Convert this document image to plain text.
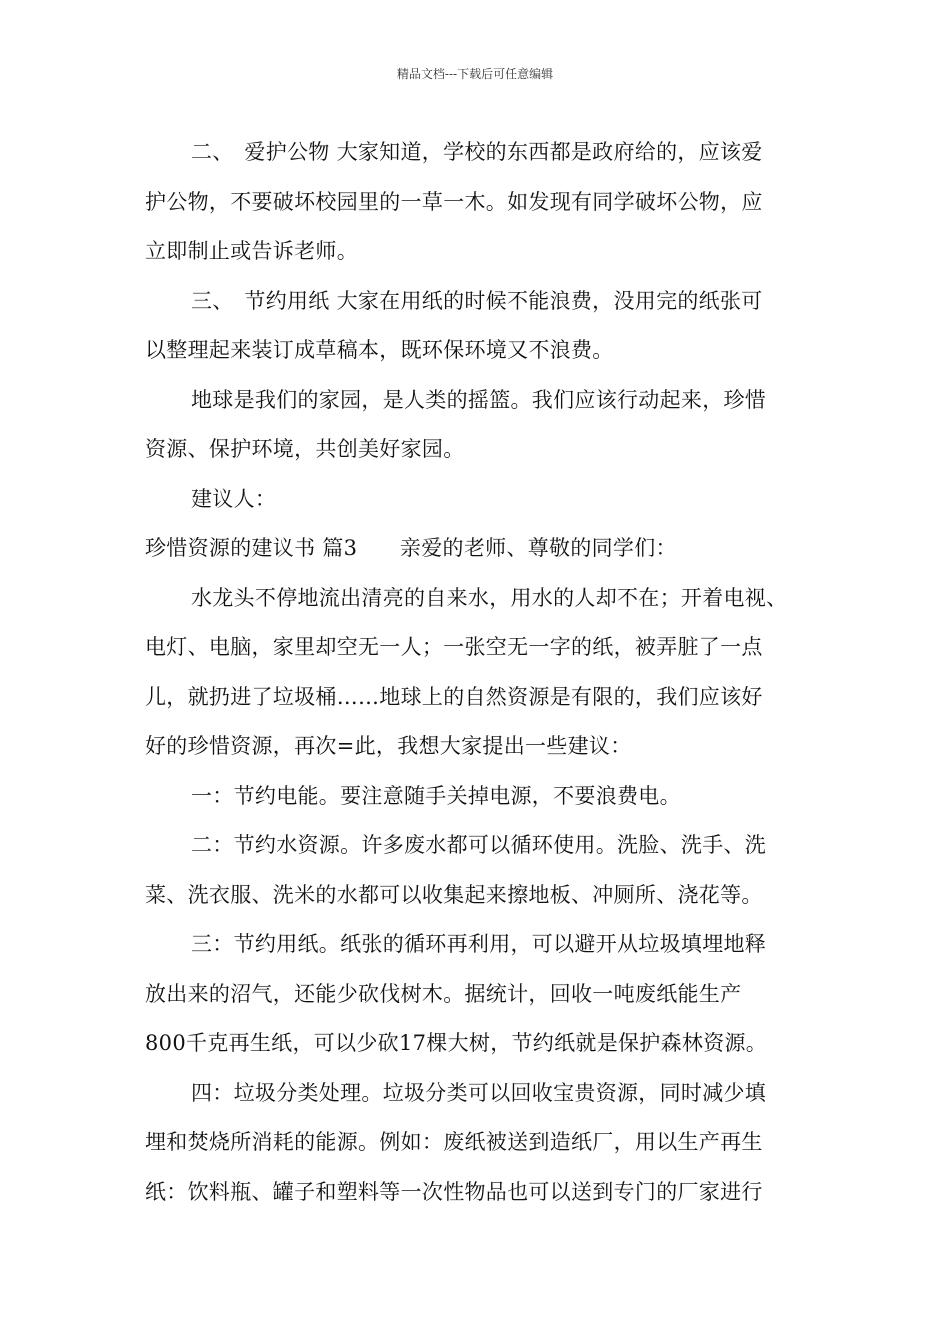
精品文档---下载后可任意编辑
二、　爱护公物 大家知道，学校的东西都是政府给的，应该爱
护公物，不要破坏校园里的一草一木。如发现有同学破坏公物，应
立即制止或告诉老师。
三、　节约用纸 大家在用纸的时候不能浪费，没用完的纸张可
以整理起来装订成草稿本，既环保环境又不浪费。
地球是我们的家园，是人类的摇篮。我们应该行动起来，珍惜
资源、保护环境，共创美好家园。
建议人：
珍惜资源的建议书 篇3　　亲爱的老师、尊敬的同学们：
水龙头不停地流出清亮的自来水，用水的人却不在；开着电视、
电灯、电脑，家里却空无一人；一张空无一字的纸，被弄脏了一点
儿，就扔进了垃圾桶……地球上的自然资源是有限的，我们应该好
好的珍惜资源，再次=此，我想大家提出一些建议：
一：节约电能。要注意随手关掉电源，不要浪费电。
二：节约水资源。许多废水都可以循环使用。洗脸、洗手、洗
菜、洗衣服、洗米的水都可以收集起来擦地板、冲厕所、浇花等。
三：节约用纸。纸张的循环再利用，可以避开从垃圾填埋地释
放出来的沼气，还能少砍伐树木。据统计，回收一吨废纸能生产
800千克再生纸，可以少砍17棵大树，节约纸就是保护森林资源。
四：垃圾分类处理。垃圾分类可以回收宝贵资源，同时减少填
埋和焚烧所消耗的能源。例如：废纸被送到造纸厂，用以生产再生
纸：饮料瓶、罐子和塑料等一次性物品也可以送到专门的厂家进行
